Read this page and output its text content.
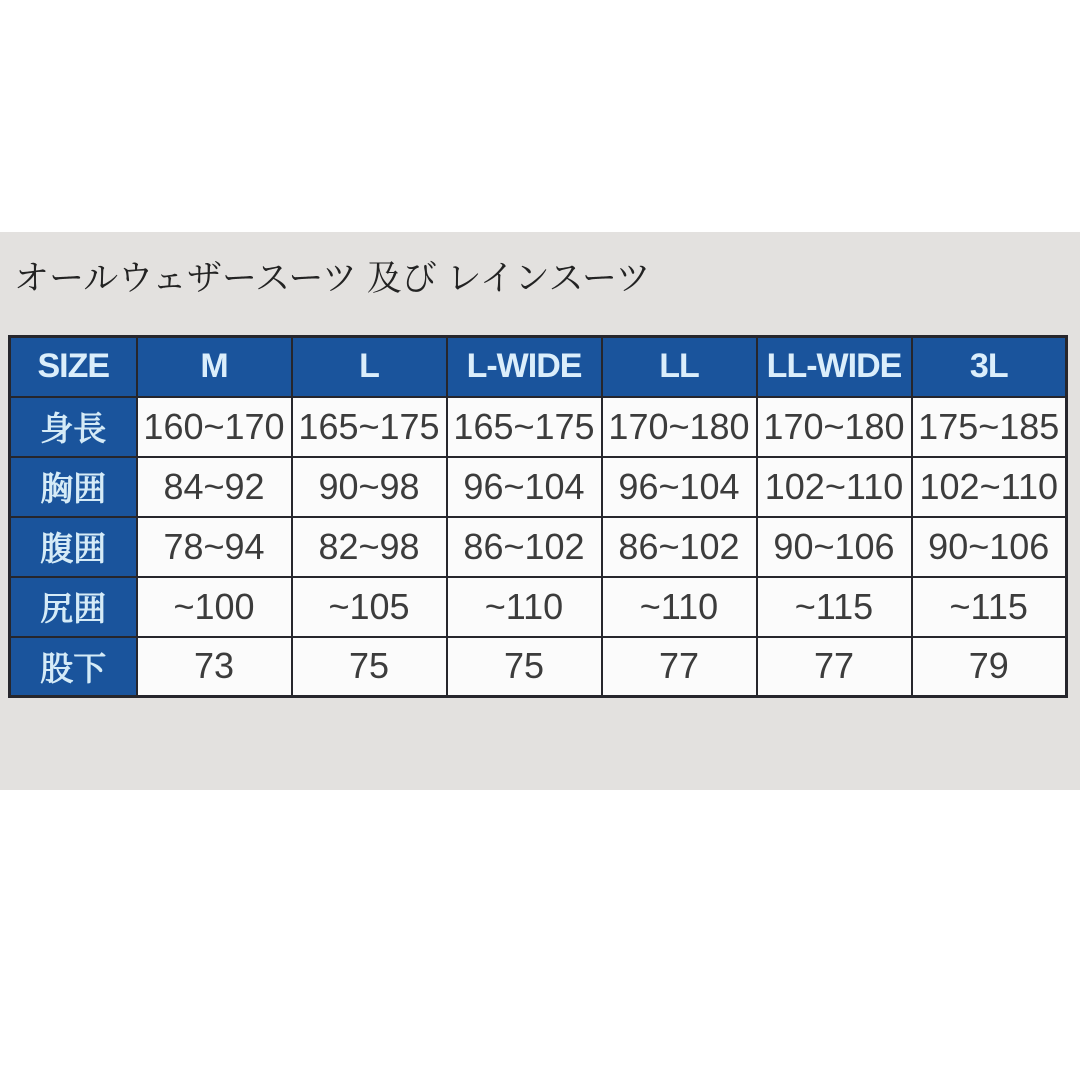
オールウェザースーツ 及び レインスーツ
SIZE	M	L	L-WIDE	LL	LL-WIDE	3L
身長	160~170	165~175	165~175	170~180	170~180	175~185
胸囲	84~92	90~98	96~104	96~104	102~110	102~110
腹囲	78~94	82~98	86~102	86~102	90~106	90~106
尻囲	~100	~105	~110	~110	~115	~115
股下	73	75	75	77	77	79
